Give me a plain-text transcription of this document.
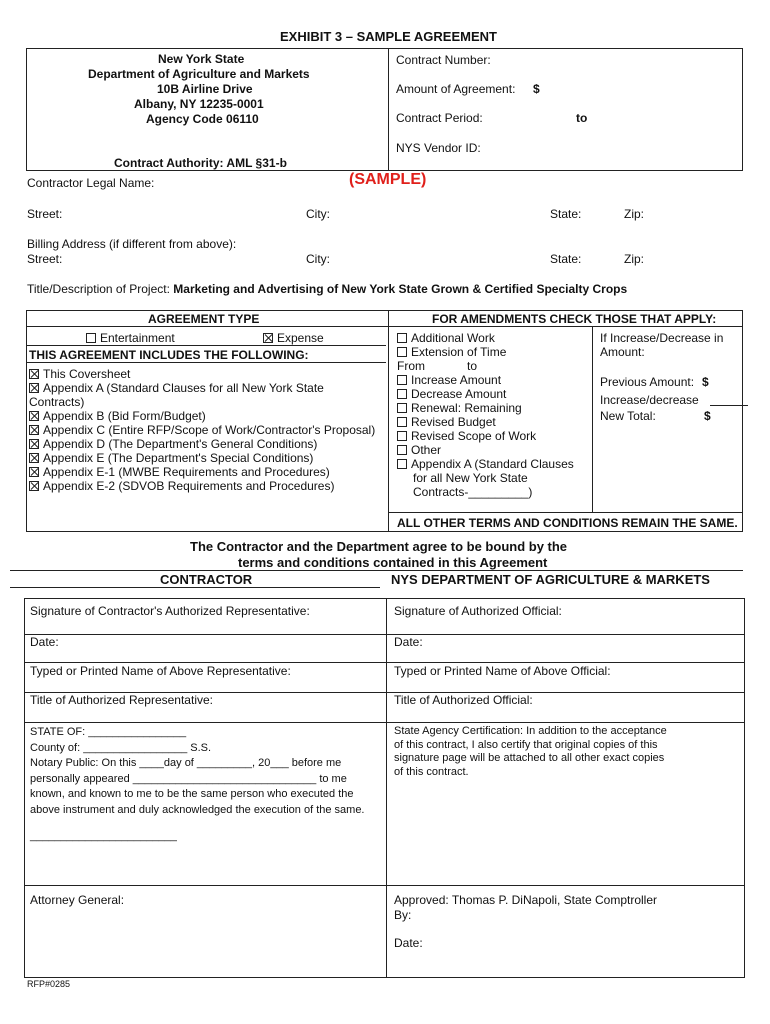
EXHIBIT 3 – SAMPLE AGREEMENT
New York State
Department of Agriculture and Markets
10B Airline Drive
Albany, NY 12235-0001
Agency Code 06110
Contract Authority: AML §31-b
Contract Number:
Amount of Agreement: $
Contract Period:	to
NYS Vendor ID:
Contractor Legal Name:	(SAMPLE)
Street:	City:	State:	Zip:
Billing Address (if different from above):
Street:	City:	State:	Zip:
Title/Description of Project: Marketing and Advertising of New York State Grown & Certified Specialty Crops
AGREEMENT TYPE	FOR AMENDMENTS CHECK THOSE THAT APPLY:
Entertainment	Expense
THIS AGREEMENT INCLUDES THE FOLLOWING:
This Coversheet
Appendix A (Standard Clauses for all New York State
Contracts)
Appendix B (Bid Form/Budget)
Appendix C (Entire RFP/Scope of Work/Contractor's Proposal)
Appendix D (The Department's General Conditions)
Appendix E (The Department's Special Conditions)
Appendix E-1 (MWBE Requirements and Procedures)
Appendix E-2 (SDVOB Requirements and Procedures)
Additional Work
Extension of Time
From	to
Increase Amount
Decrease Amount
Renewal: Remaining
Revised Budget
Revised Scope of Work
Other
Appendix A (Standard Clauses
for all New York State
Contracts-_________)
If Increase/Decrease in
Amount:
Previous Amount: $
Increase/decrease
New Total:	$
ALL OTHER TERMS AND CONDITIONS REMAIN THE SAME.
The Contractor and the Department agree to be bound by the
terms and conditions contained in this Agreement
CONTRACTOR	NYS DEPARTMENT OF AGRICULTURE & MARKETS
Signature of Contractor's Authorized Representative:	Signature of Authorized Official:
Date:	Date:
Typed or Printed Name of Above Representative:	Typed or Printed Name of Above Official:
Title of Authorized Representative:	Title of Authorized Official:
STATE OF: ________________
County of: _________________ S.S.
Notary Public: On this ____day of _________, 20___ before me
personally appeared ______________________________ to me
known, and known to me to be the same person who executed the
above instrument and duly acknowledged the execution of the same.
________________________
State Agency Certification: In addition to the acceptance
of this contract, I also certify that original copies of this
signature page will be attached to all other exact copies
of this contract.
Attorney General:	Approved: Thomas P. DiNapoli, State Comptroller
By:
Date:
RFP#0285
